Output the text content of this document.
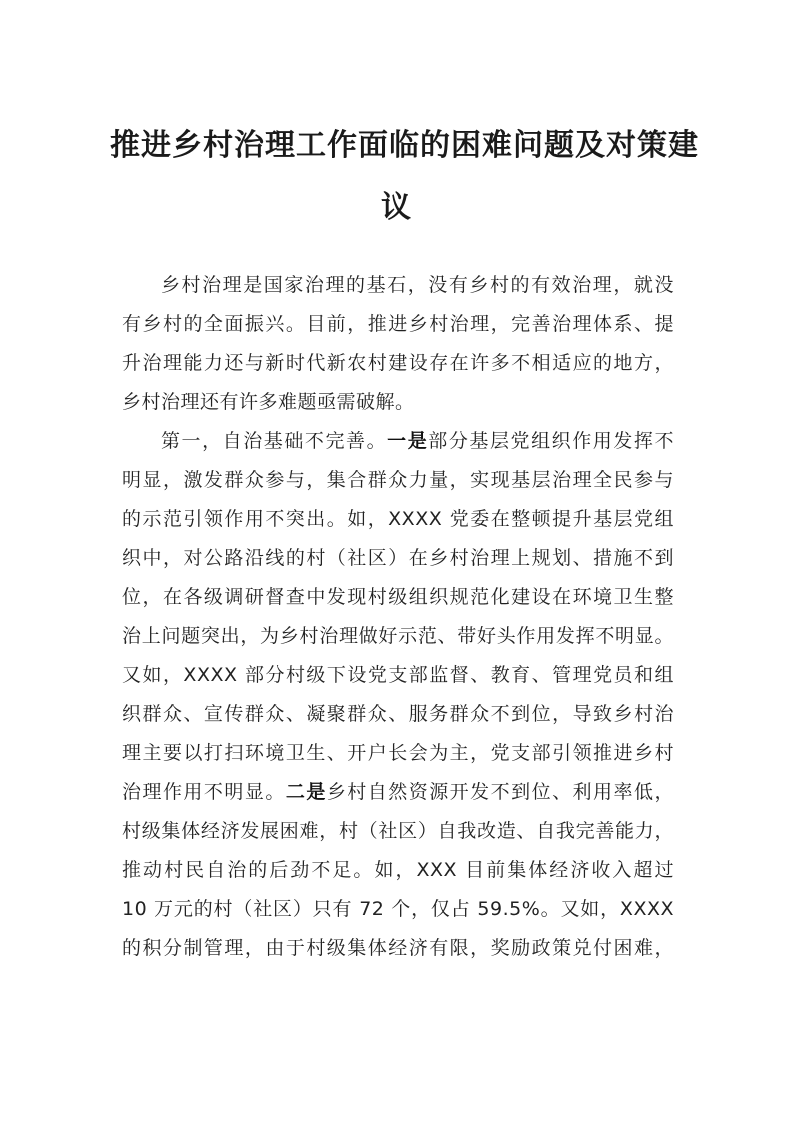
推进乡村治理工作面临的困难问题及对策建
议
乡村治理是国家治理的基石，没有乡村的有效治理，就没
有乡村的全面振兴。目前，推进乡村治理，完善治理体系、提
升治理能力还与新时代新农村建设存在许多不相适应的地方，
乡村治理还有许多难题亟需破解。
第一，自治基础不完善。一是部分基层党组织作用发挥不
明显，激发群众参与，集合群众力量，实现基层治理全民参与
的示范引领作用不突出。如，XXXX 党委在整顿提升基层党组
织中，对公路沿线的村（社区）在乡村治理上规划、措施不到
位，在各级调研督查中发现村级组织规范化建设在环境卫生整
治上问题突出，为乡村治理做好示范、带好头作用发挥不明显。
又如，XXXX 部分村级下设党支部监督、教育、管理党员和组
织群众、宣传群众、凝聚群众、服务群众不到位，导致乡村治
理主要以打扫环境卫生、开户长会为主，党支部引领推进乡村
治理作用不明显。二是乡村自然资源开发不到位、利用率低，
村级集体经济发展困难，村（社区）自我改造、自我完善能力，
推动村民自治的后劲不足。如，XXX 目前集体经济收入超过
10 万元的村（社区）只有 72 个，仅占 59.5%。又如，XXXX
的积分制管理，由于村级集体经济有限，奖励政策兑付困难，
